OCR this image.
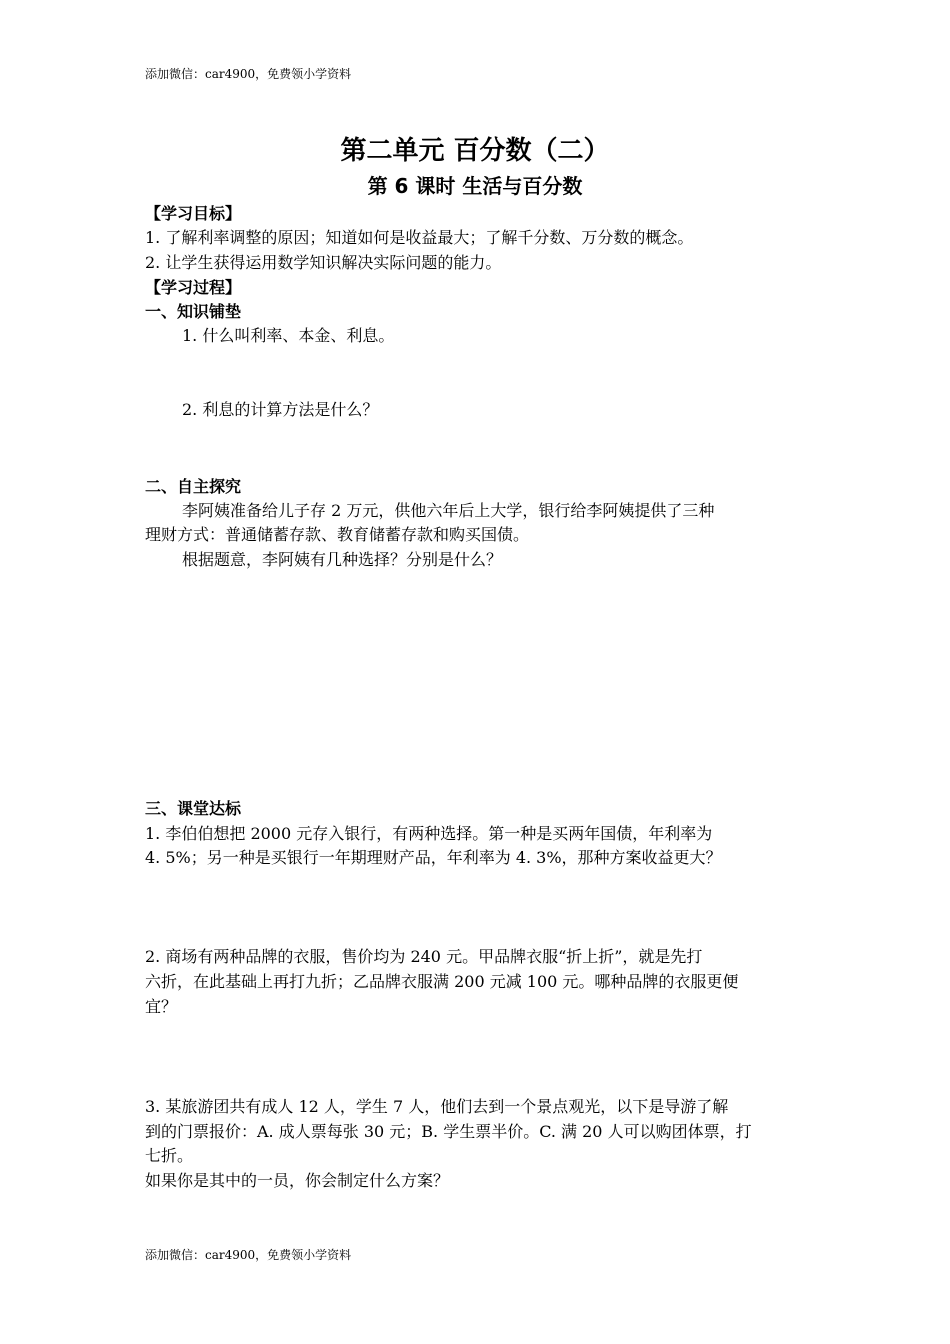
添加微信：car4900，免费领小学资料
第二单元 百分数（二）
第 6 课时 生活与百分数
【学习目标】
1. 了解利率调整的原因；知道如何是收益最大；了解千分数、万分数的概念。
2. 让学生获得运用数学知识解决实际问题的能力。
【学习过程】
一、知识铺垫
1. 什么叫利率、本金、利息。
2. 利息的计算方法是什么？
二、自主探究
李阿姨准备给儿子存 2 万元，供他六年后上大学，银行给李阿姨提供了三种
理财方式：普通储蓄存款、教育储蓄存款和购买国债。
根据题意，李阿姨有几种选择？分别是什么？
三、课堂达标
1. 李伯伯想把 2000 元存入银行，有两种选择。第一种是买两年国债，年利率为
4. 5%；另一种是买银行一年期理财产品，年利率为 4. 3%，那种方案收益更大？
2. 商场有两种品牌的衣服，售价均为 240 元。甲品牌衣服“折上折”，就是先打
六折，在此基础上再打九折；乙品牌衣服满 200 元减 100 元。哪种品牌的衣服更便
宜？
3. 某旅游团共有成人 12 人，学生 7 人，他们去到一个景点观光，以下是导游了解
到的门票报价：A. 成人票每张 30 元；B. 学生票半价。C. 满 20 人可以购团体票，打
七折。
如果你是其中的一员，你会制定什么方案？
添加微信：car4900，免费领小学资料
